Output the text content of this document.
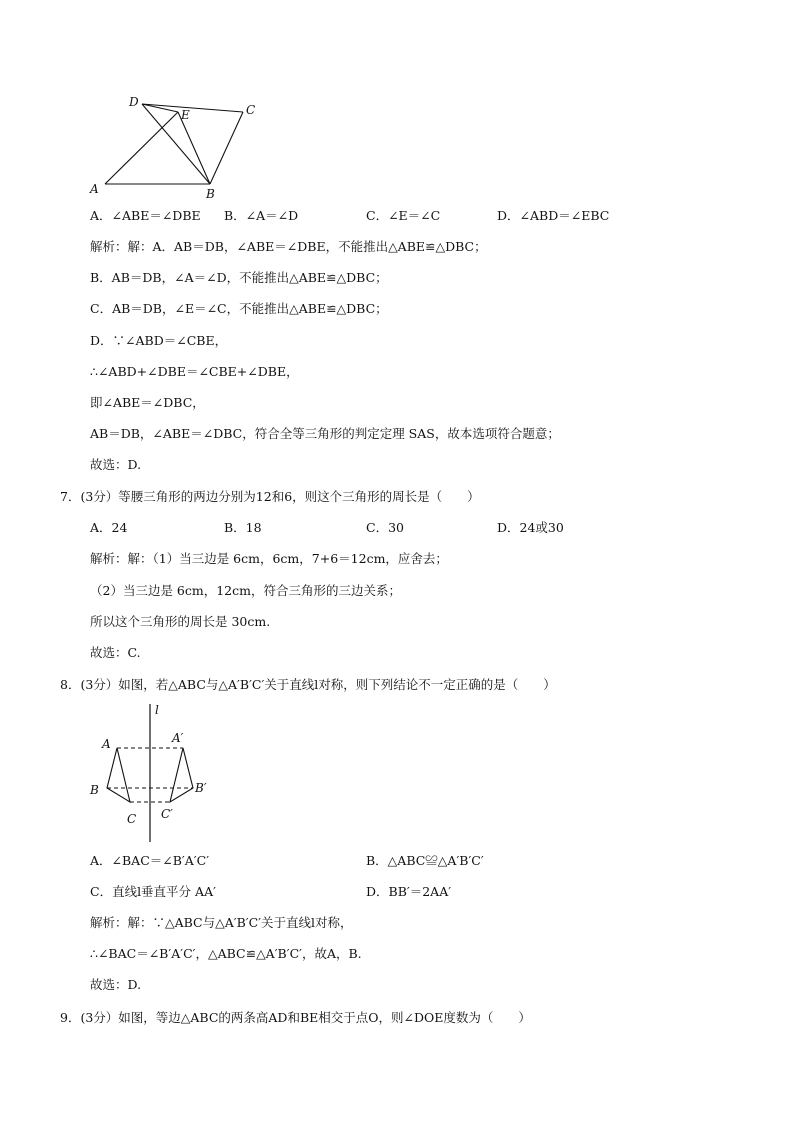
D
E	C
A	B
A．∠ABE＝∠DBE B．∠A＝∠D	C．∠E＝∠C	D．∠ABD＝∠EBC
解析：解：A．AB＝DB，∠ABE＝∠DBE，不能推出△ABE≌△DBC；
B．AB＝DB，∠A＝∠D，不能推出△ABE≌△DBC；
C．AB＝DB，∠E＝∠C，不能推出△ABE≌△DBC；
D．∵∠ABD＝∠CBE，
∴∠ABD+∠DBE＝∠CBE+∠DBE，
即∠ABE＝∠DBC，
AB＝DB，∠ABE＝∠DBC，符合全等三角形的判定定理 SAS，故本选项符合题意；
故选：D.
7．(3分）等腰三角形的两边分别为12和6，则这个三角形的周长是（　　）
A．24	B．18	C．30	D．24或30
解析：解：（1）当三边是 6cm，6cm，7+6＝12cm，应舍去；
（2）当三边是 6cm，12cm，符合三角形的三边关系；
所以这个三角形的周长是 30cm.
故选：C.
8．(3分）如图，若△ABC与△A′B′C′关于直线l对称，则下列结论不一定正确的是（　　）
l
A	A′
B	B′
C C′
A．∠BAC＝∠B′A′C′	B．△ABC≌△A′B′C′
C．直线l垂直平分 AA′	D．BB′＝2AA′
解析：解：∵△ABC与△A′B′C′关于直线l对称，
∴∠BAC＝∠B′A′C′，△ABC≌△A′B′C′，故A，B.
故选：D.
9．(3分）如图，等边△ABC的两条高AD和BE相交于点O，则∠DOE度数为（　　）
